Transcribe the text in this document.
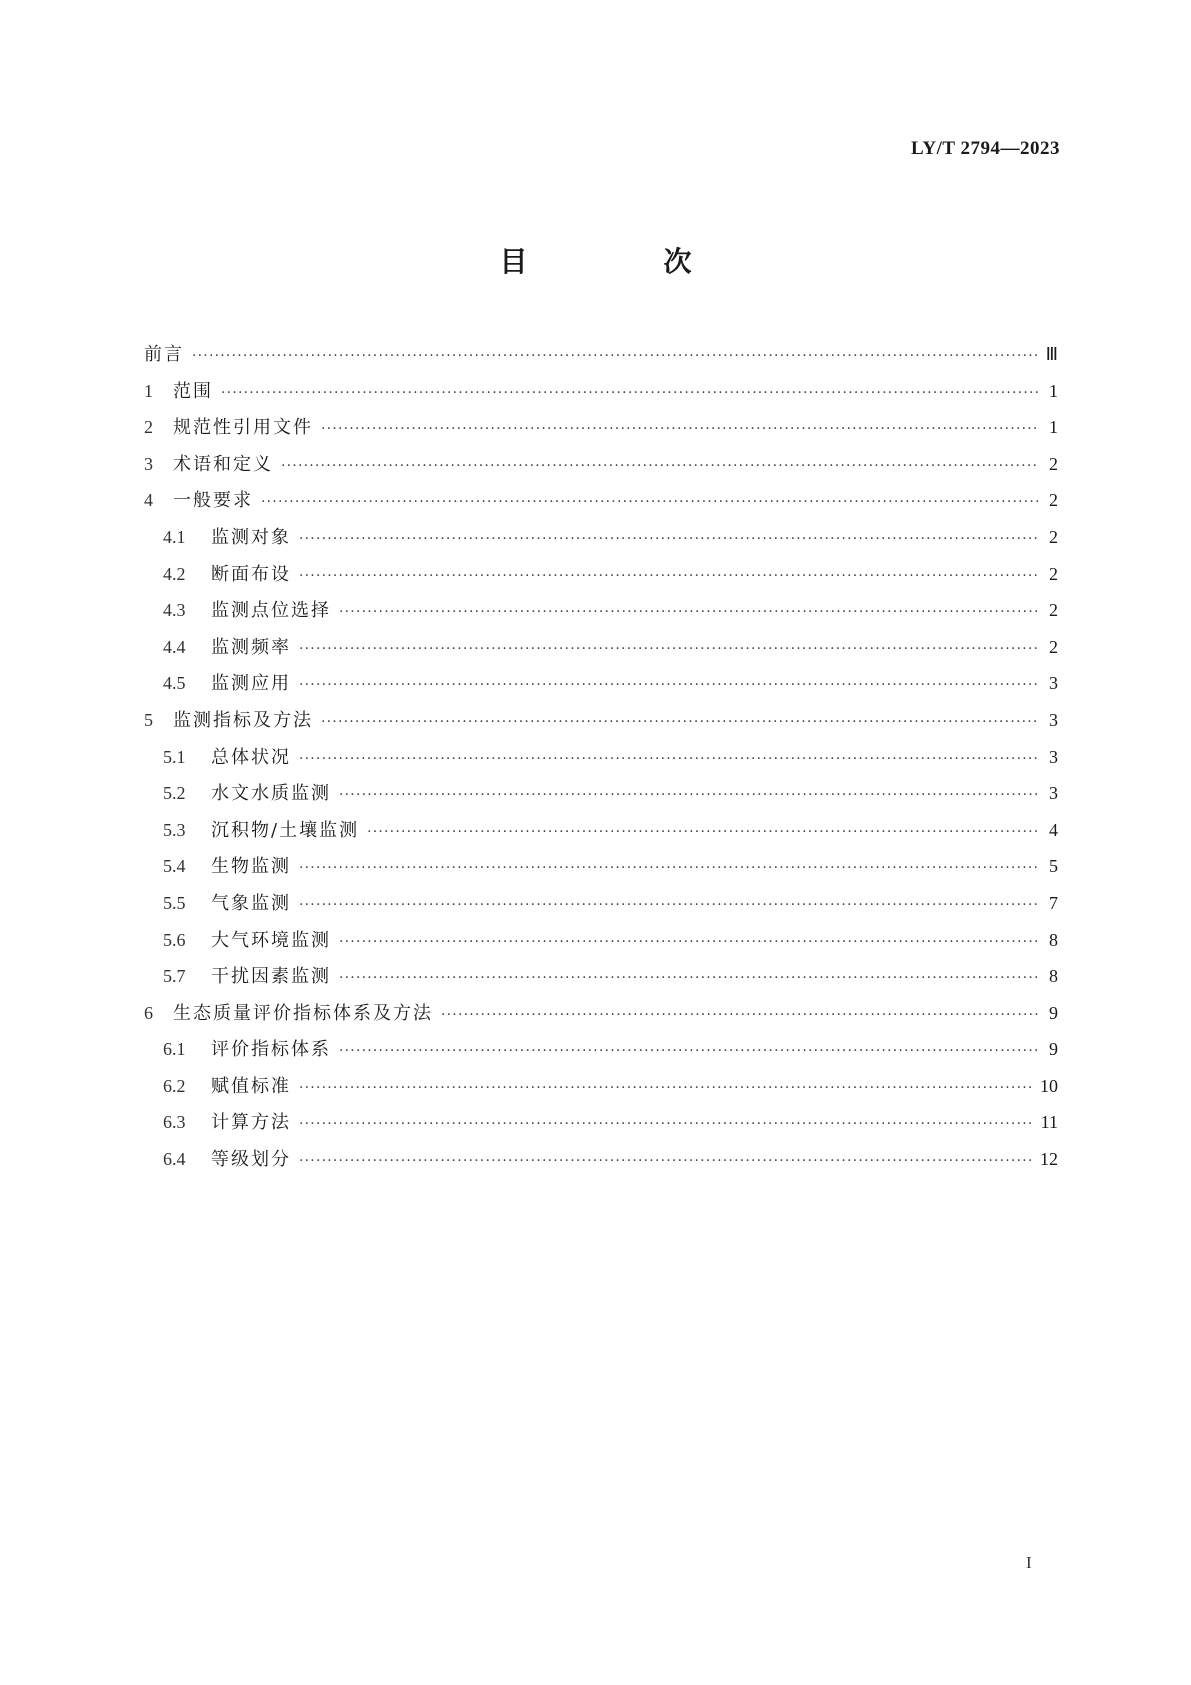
LY/T 2794—2023
目　次
前言 ·····	Ⅲ
1	范围 ·····	1
2	规范性引用文件 ·····	1
3	术语和定义 ·····	2
4	一般要求 ·····	2
4.1	监测对象 ·····	2
4.2	断面布设 ·····	2
4.3	监测点位选择 ·····	2
4.4	监测频率 ·····	2
4.5	监测应用 ·····	3
5	监测指标及方法 ·····	3
5.1	总体状况 ·····	3
5.2	水文水质监测 ·····	3
5.3	沉积物/土壤监测 ·····	4
5.4	生物监测 ·····	5
5.5	气象监测 ·····	7
5.6	大气环境监测 ·····	8
5.7	干扰因素监测 ·····	8
6	生态质量评价指标体系及方法 ·····	9
6.1	评价指标体系 ·····	9
6.2	赋值标准 ·····	10
6.3	计算方法 ·····	11
6.4	等级划分 ·····	12
I
